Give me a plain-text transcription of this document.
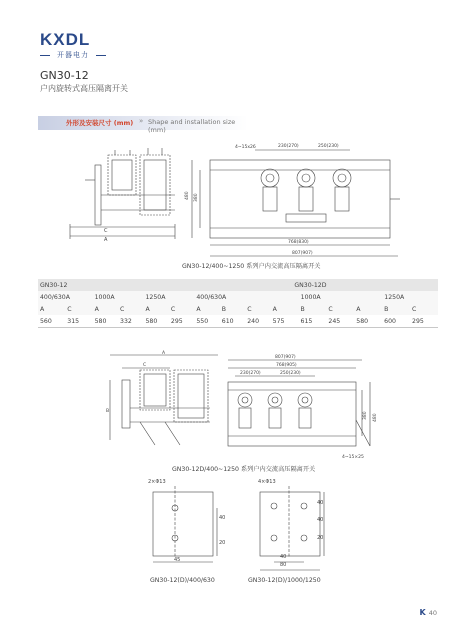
KXDL
开器电力
GN30-12
户内旋转式高压隔离开关
外形及安装尺寸 (mm) » Shape and installation size (mm)
C
A
4~15x26	230(270)	250(230)
480 380
768(830)
807(907)
GN30-12/400~1250 系列户内交流高压隔离开关
GN30-12						GN30-12D								
400/630A		1000A		1250A		400/630A			1000A			1250A		
A	C	A	C	A	C	A	B	C	A	B	C	A	B	C
560	315	580	332	580	295	550	610	240	575	615	245	580	600	295
A
C
B
807(907)
768(905)
230(270)	250(230)
380 480
4~15×25
GN30-12D/400~1250 系列户内交流高压隔离开关
2×Φ13
40
20
45
GN30-12(D)/400/630
4×Φ13
40
20
40
80
40
GN30-12(D)/1000/1250
K 40
